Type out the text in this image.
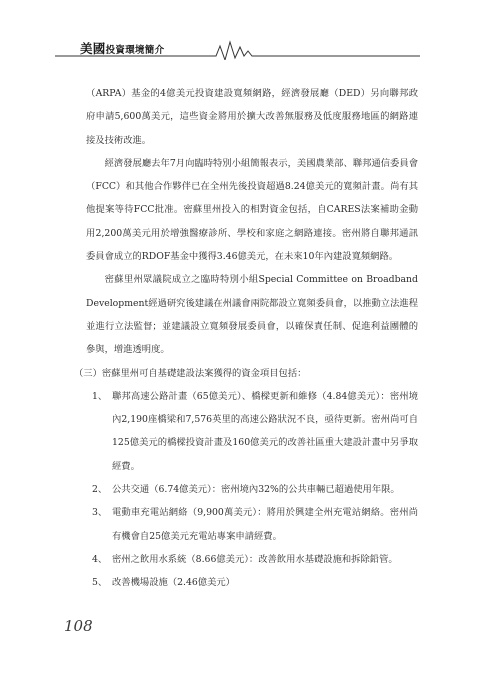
美國投資環境簡介

（ARPA）基金的4億美元投資建設寬頻網路，經濟發展廳（DED）另向聯邦政府申請5,600萬美元，這些資金將用於擴大改善無服務及低度服務地區的網路連接及技術改進。

經濟發展廳去年7月向臨時特別小組簡報表示，美國農業部、聯邦通信委員會（FCC）和其他合作夥伴已在全州先後投資超過8.24億美元的寬頻計畫。尚有其他提案等待FCC批准。密蘇里州投入的相對資金包括，自CARES法案補助金動用2,200萬美元用於增強醫療診所、學校和家庭之網路連接。密州將自聯邦通訊委員會成立的RDOF基金中獲得3.46億美元，在未來10年內建設寬頻網路。

密蘇里州眾議院成立之臨時特別小組Special Committee on Broadband Development經過研究後建議在州議會兩院都設立寬頻委員會，以推動立法進程並進行立法監督；並建議設立寬頻發展委員會，以確保責任制、促進利益團體的參與，增進透明度。

（三）密蘇里州可自基礎建設法案獲得的資金項目包括：

1、 聯邦高速公路計畫（65億美元）、橋樑更新和維修（4.84億美元）：密州境內2,190座橋梁和7,576英里的高速公路狀況不良，亟待更新。密州尚可自125億美元的橋樑投資計畫及160億美元的改善社區重大建設計畫中另爭取經費。
2、 公共交通（6.74億美元）：密州境內32%的公共車輛已超過使用年限。
3、 電動車充電站網絡（9,900萬美元）：將用於興建全州充電站網絡。密州尚有機會自25億美元充電站專案申請經費。
4、 密州之飲用水系統（8.66億美元）：改善飲用水基礎設施和拆除鉛管。
5、 改善機場設施（2.46億美元）
108
